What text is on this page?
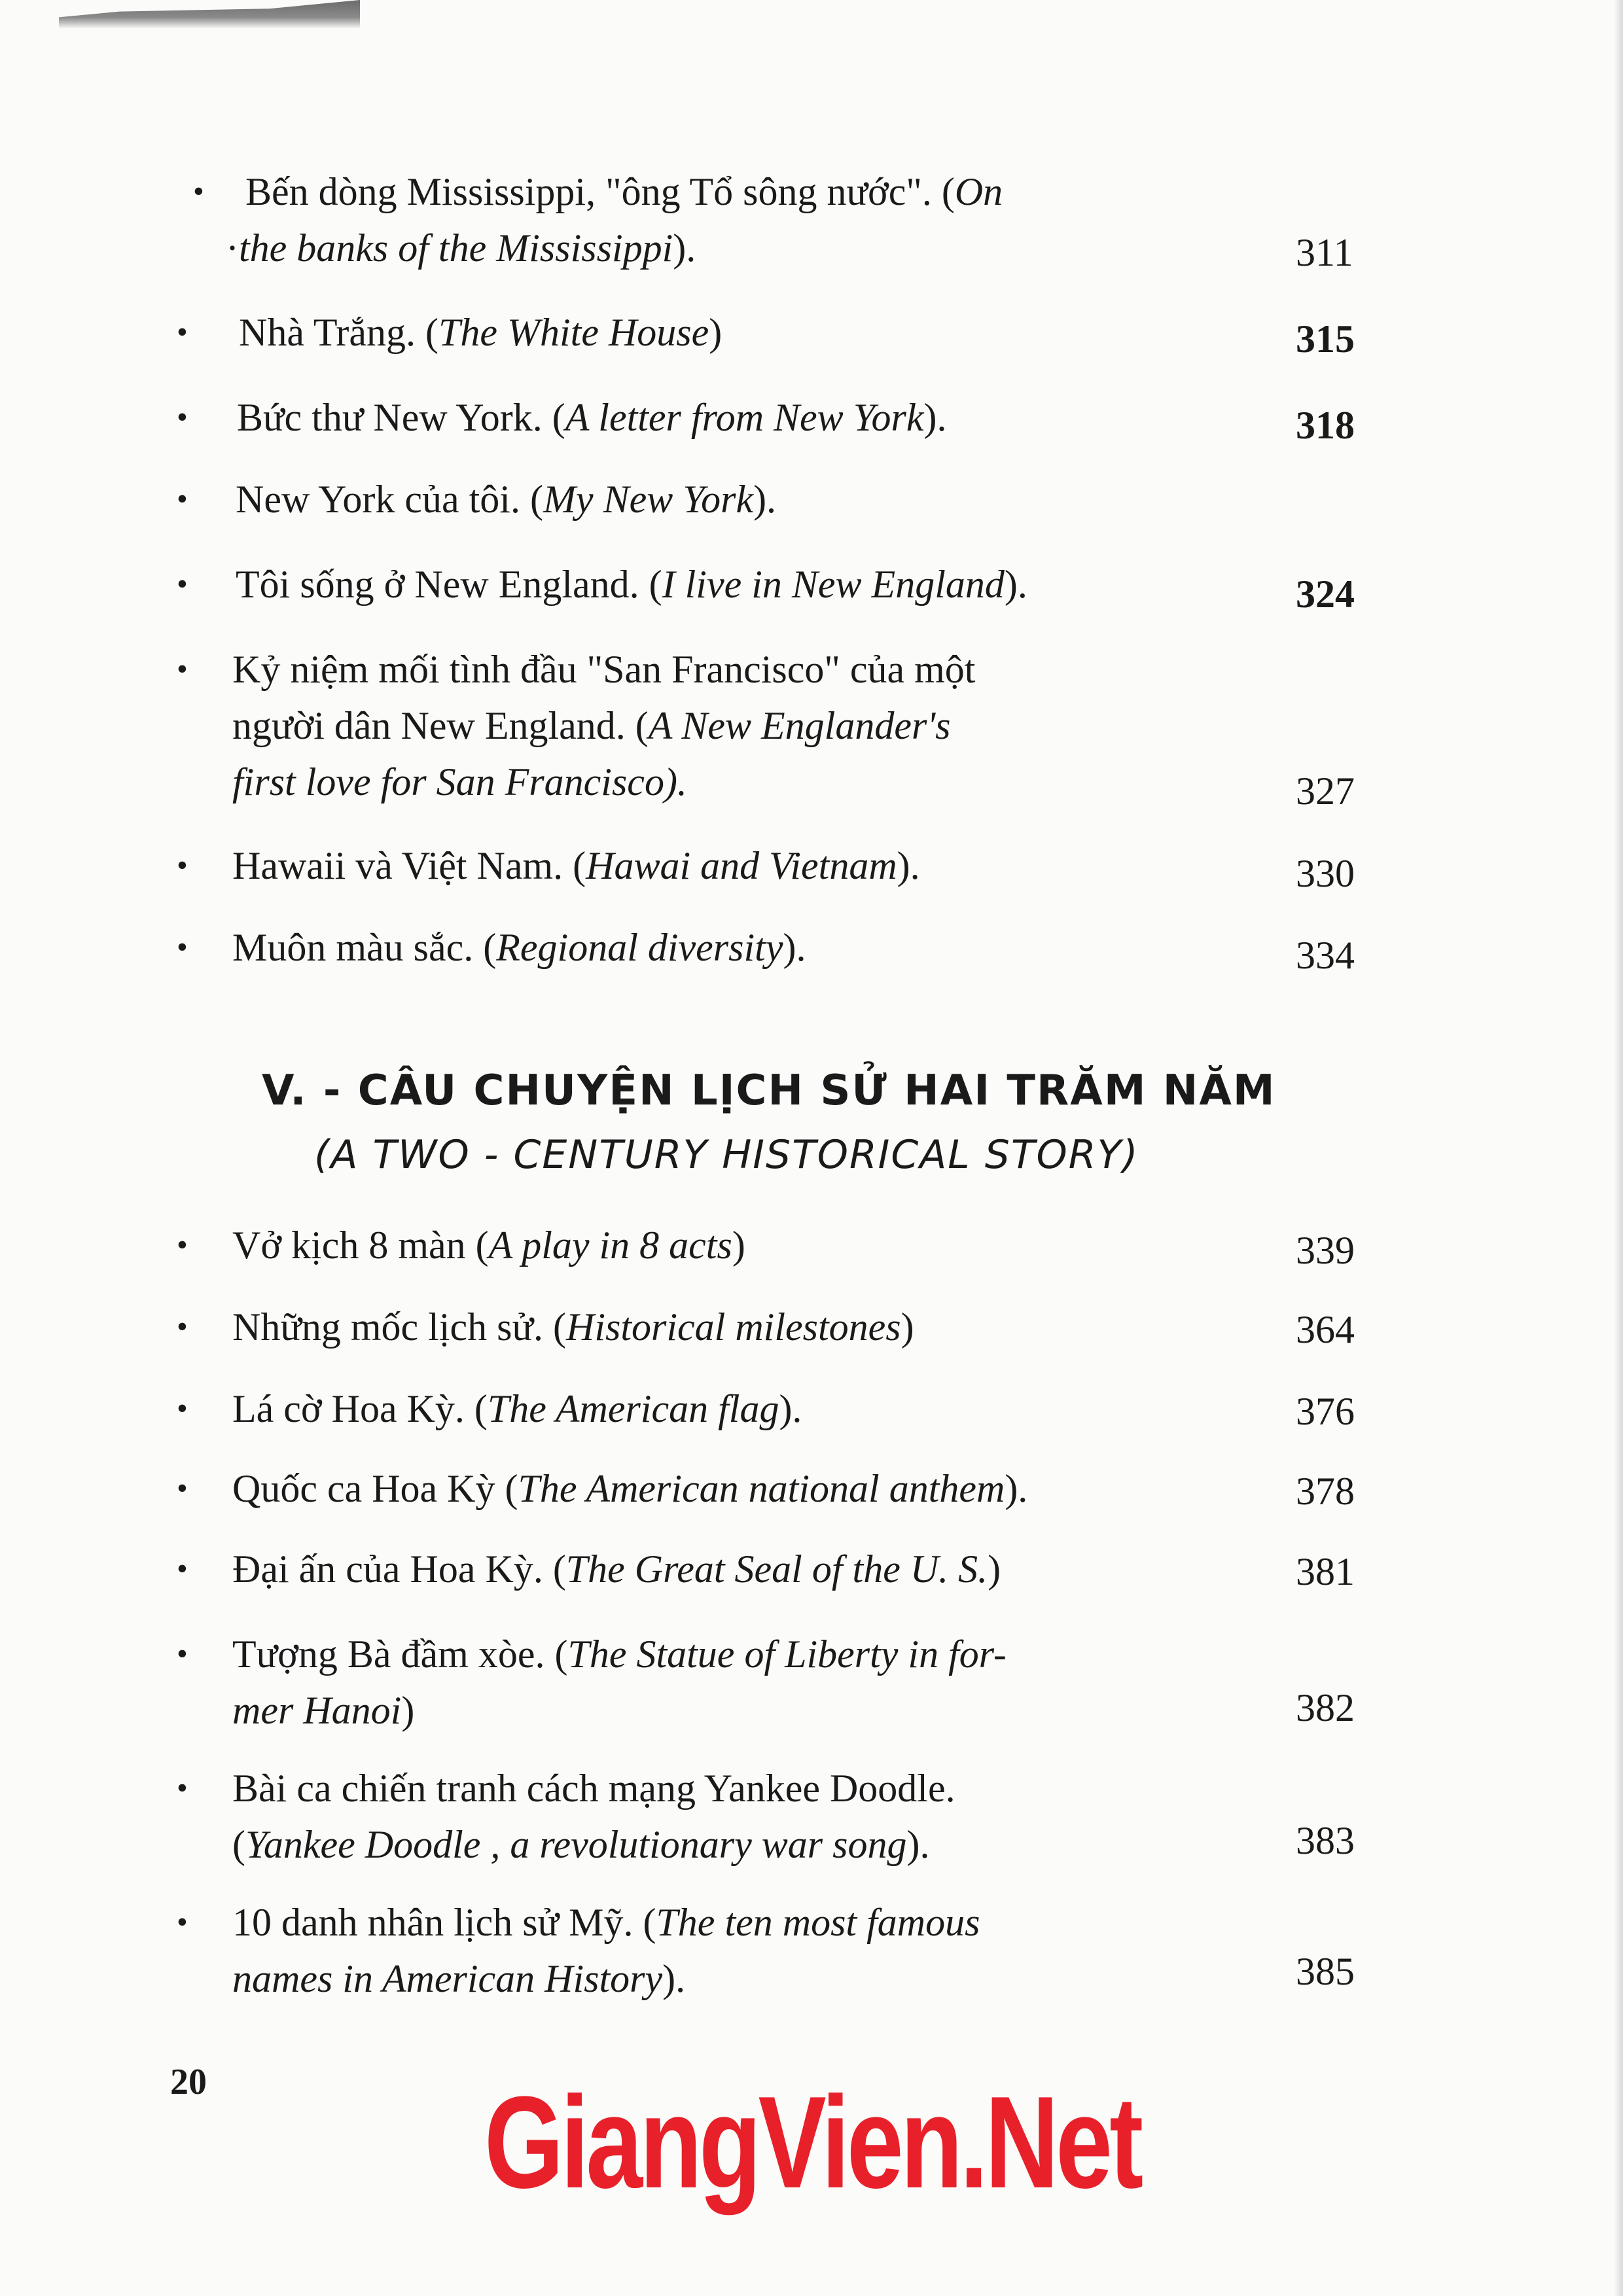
• Bến dòng Mississippi, "ông Tổ sông nước". (On
·the banks of the Mississippi).	311
• Nhà Trắng. (The White House)	315
• Bức thư New York. (A letter from New York).	318
• New York của tôi. (My New York).
• Tôi sống ở New England. (I live in New England).	324
• Kỷ niệm mối tình đầu "San Francisco" của một
người dân New England. (A New Englander's
first love for San Francisco).	327
• Hawaii và Việt Nam. (Hawai and Vietnam).	330
• Muôn màu sắc. (Regional diversity).	334
V. - CÂU CHUYỆN LỊCH SỬ HAI TRĂM NĂM
(A TWO - CENTURY HISTORICAL STORY)
• Vở kịch 8 màn (A play in 8 acts)	339
• Những mốc lịch sử. (Historical milestones)	364
• Lá cờ Hoa Kỳ. (The American flag).	376
• Quốc ca Hoa Kỳ (The American national anthem).	378
• Đại ấn của Hoa Kỳ. (The Great Seal of the U. S.)	381
• Tượng Bà đầm xòe. (The Statue of Liberty in for-
mer Hanoi)	382
• Bài ca chiến tranh cách mạng Yankee Doodle.
(Yankee Doodle , a revolutionary war song).	383
• 10 danh nhân lịch sử Mỹ. (The ten most famous
names in American History).	385
20 GiangVien.Net
